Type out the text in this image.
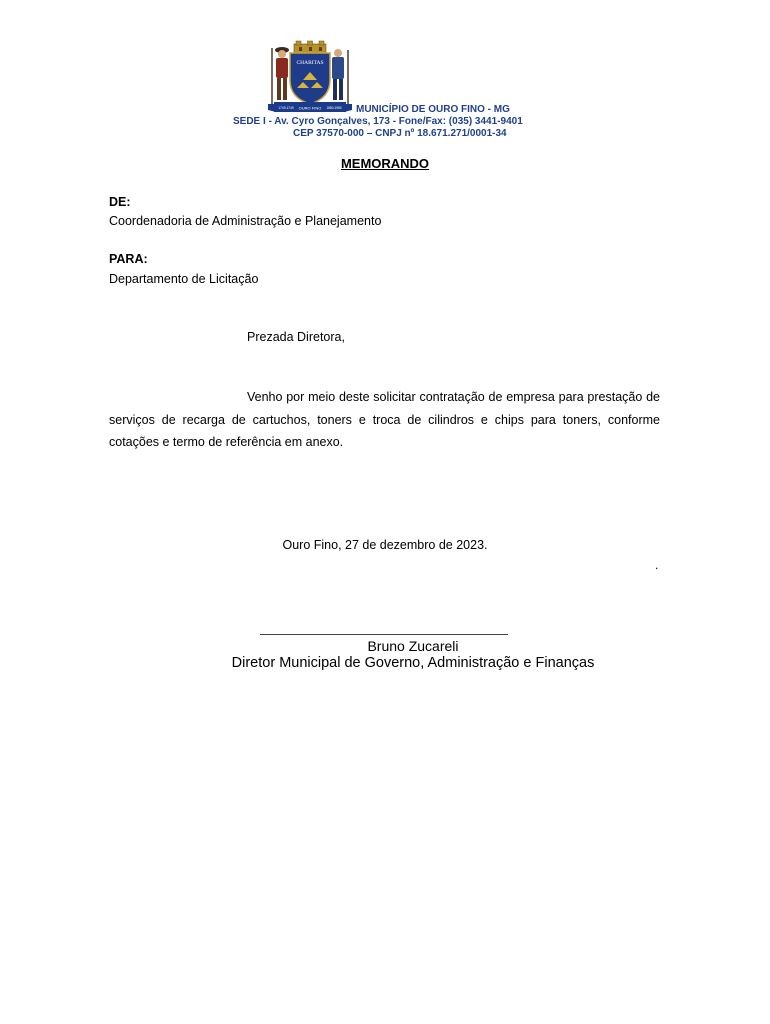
CHARITAS
1749-1749 OURO FINO 1880-1980 MUNICÍPIO DE OURO FINO - MG
SEDE I - Av. Cyro Gonçalves, 173 - Fone/Fax: (035) 3441-9401
CEP 37570-000 – CNPJ nº 18.671.271/0001-34
MEMORANDO
DE:
Coordenadoria de Administração e Planejamento
PARA:
Departamento de Licitação
Prezada Diretora,
Venho por meio deste solicitar contratação de empresa para prestação de serviços de recarga de cartuchos, toners e troca de cilindros e chips para toners, conforme cotações e termo de referência em anexo.
Ouro Fino, 27 de dezembro de 2023.
.
Bruno Zucareli
Diretor Municipal de Governo, Administração e Finanças
